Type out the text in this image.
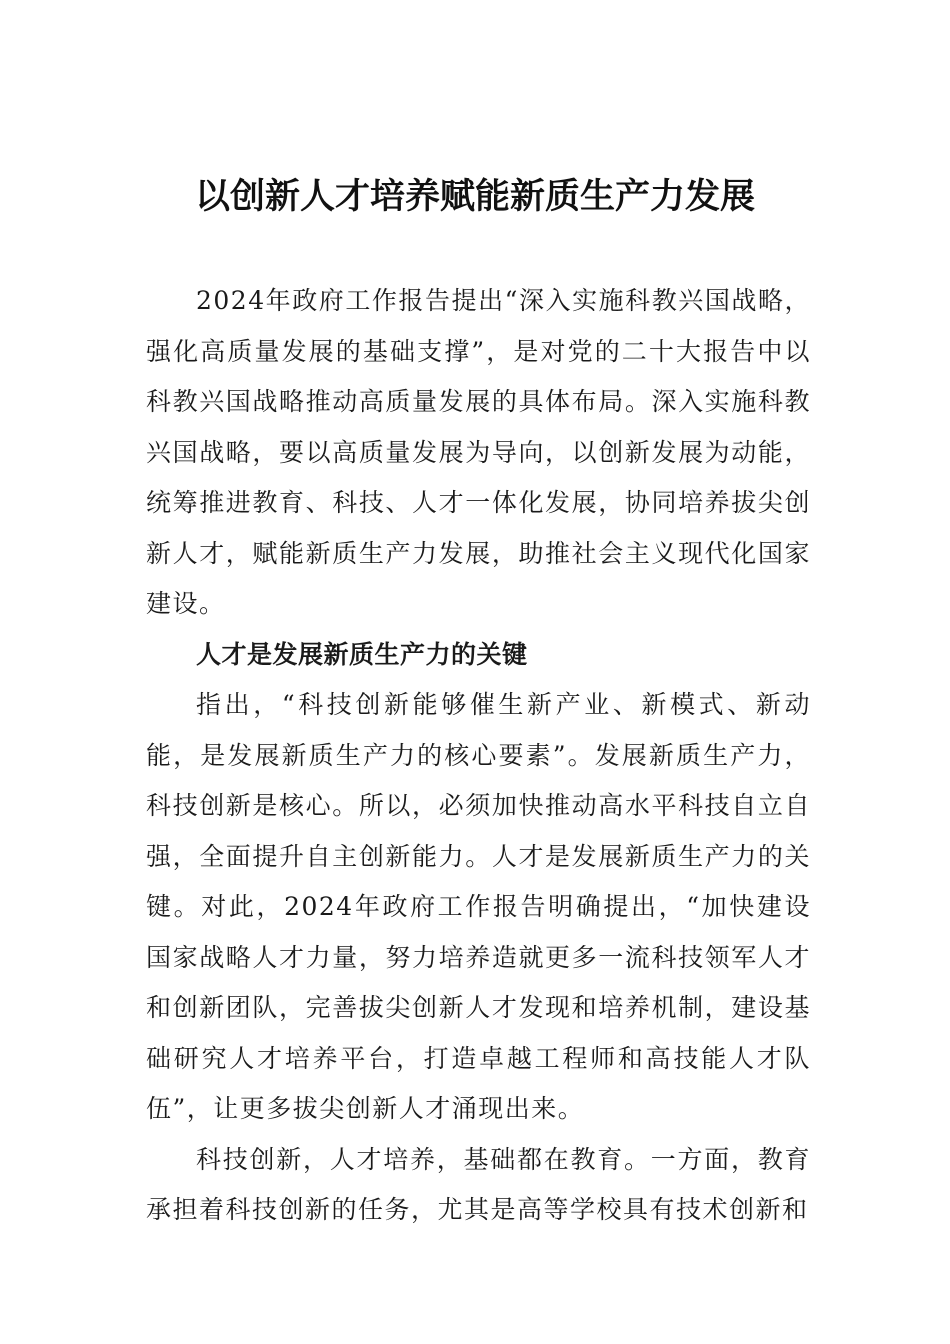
以创新人才培养赋能新质生产力发展

2024年政府工作报告提出“深入实施科教兴国战略，强化高质量发展的基础支撑”，是对党的二十大报告中以科教兴国战略推动高质量发展的具体布局。深入实施科教兴国战略，要以高质量发展为导向，以创新发展为动能，统筹推进教育、科技、人才一体化发展，协同培养拔尖创新人才，赋能新质生产力发展，助推社会主义现代化国家建设。

人才是发展新质生产力的关键

指出，“科技创新能够催生新产业、新模式、新动能，是发展新质生产力的核心要素”。发展新质生产力，科技创新是核心。所以，必须加快推动高水平科技自立自强，全面提升自主创新能力。人才是发展新质生产力的关键。对此，2024年政府工作报告明确提出，“加快建设国家战略人才力量，努力培养造就更多一流科技领军人才和创新团队，完善拔尖创新人才发现和培养机制，建设基础研究人才培养平台，打造卓越工程师和高技能人才队伍”，让更多拔尖创新人才涌现出来。

科技创新，人才培养，基础都在教育。一方面，教育承担着科技创新的任务，尤其是高等学校具有技术创新和
